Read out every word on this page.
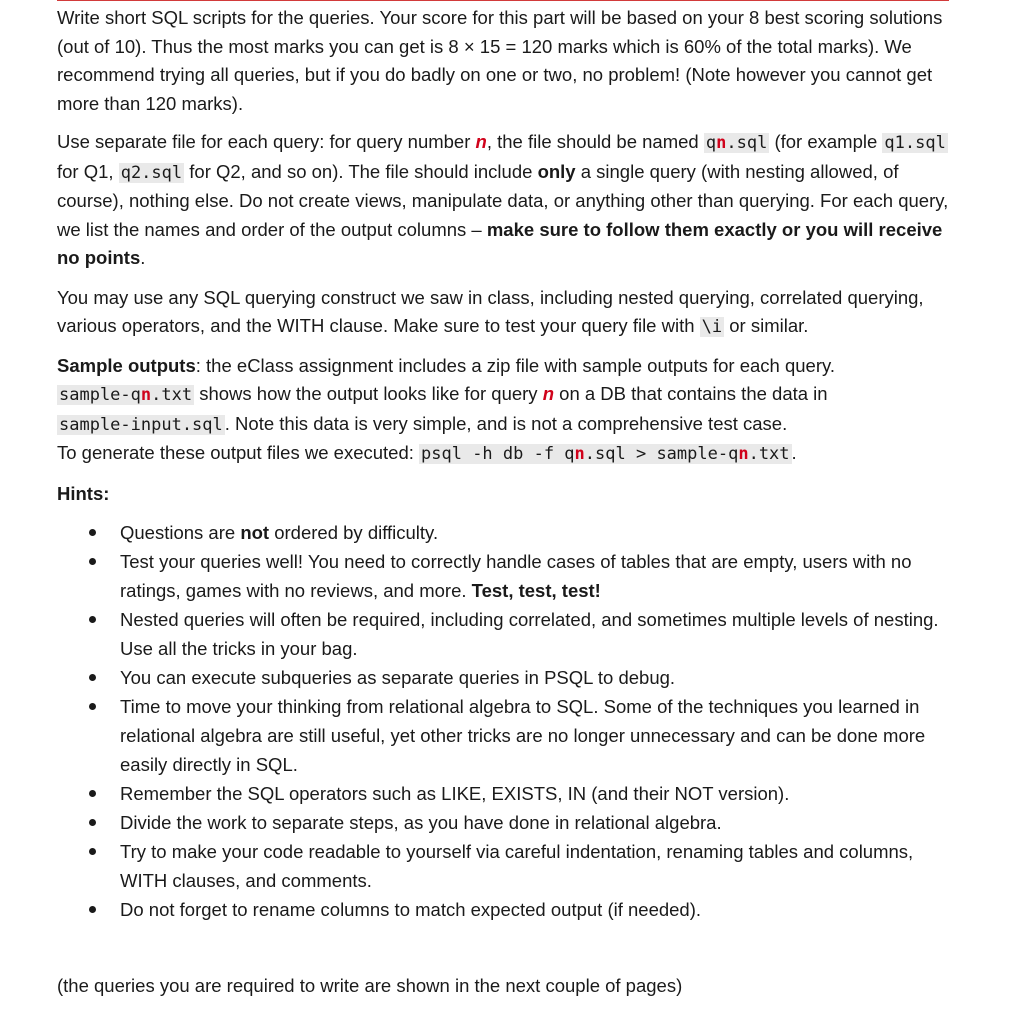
Write short SQL scripts for the queries. Your score for this part will be based on your 8 best scoring solutions (out of 10). Thus the most marks you can get is 8 × 15 = 120 marks which is 60% of the total marks). We recommend trying all queries, but if you do badly on one or two, no problem! (Note however you cannot get more than 120 marks).

Use separate file for each query: for query number n, the file should be named qn.sql (for example q1.sql for Q1, q2.sql for Q2, and so on). The file should include only a single query (with nesting allowed, of course), nothing else. Do not create views, manipulate data, or anything other than querying. For each query, we list the names and order of the output columns – make sure to follow them exactly or you will receive no points.

You may use any SQL querying construct we saw in class, including nested querying, correlated querying, various operators, and the WITH clause. Make sure to test your query file with \i or similar.

Sample outputs: the eClass assignment includes a zip file with sample outputs for each query.
sample-qn.txt shows how the output looks like for query n on a DB that contains the data in
sample-input.sql . Note this data is very simple, and is not a comprehensive test case.
To generate these output files we executed: psql -h db -f qn.sql > sample-qn.txt .

Hints:

Questions are not ordered by difficulty.
Test your queries well! You need to correctly handle cases of tables that are empty, users with no ratings, games with no reviews, and more. Test, test, test!
Nested queries will often be required, including correlated, and sometimes multiple levels of nesting. Use all the tricks in your bag.
You can execute subqueries as separate queries in PSQL to debug.
Time to move your thinking from relational algebra to SQL. Some of the techniques you learned in relational algebra are still useful, yet other tricks are no longer unnecessary and can be done more easily directly in SQL.
Remember the SQL operators such as LIKE, EXISTS, IN (and their NOT version).
Divide the work to separate steps, as you have done in relational algebra.
Try to make your code readable to yourself via careful indentation, renaming tables and columns, WITH clauses, and comments.
Do not forget to rename columns to match expected output (if needed).

(the queries you are required to write are shown in the next couple of pages)
